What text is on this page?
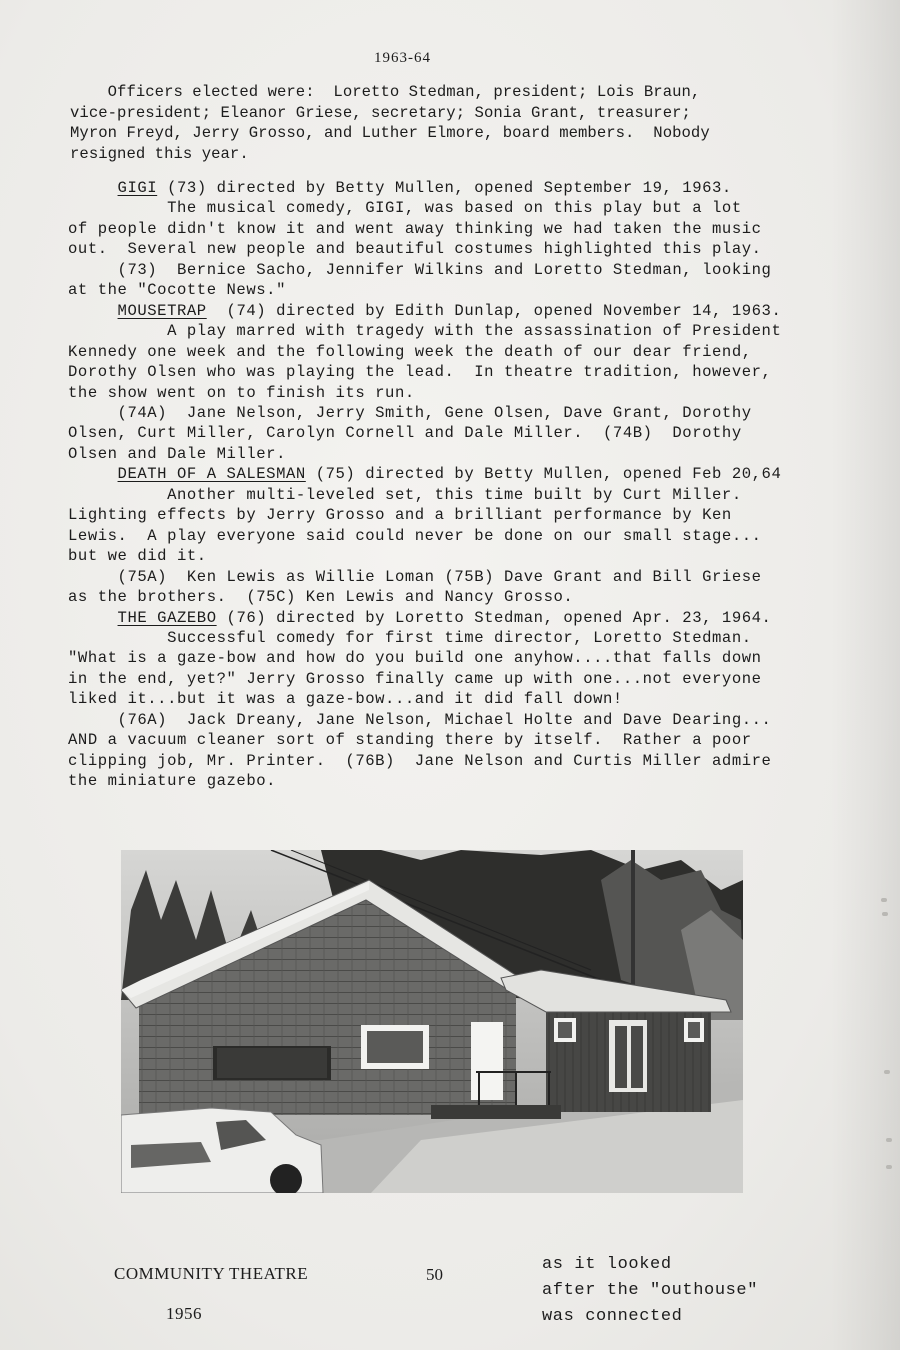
1963-64
Officers elected were:  Loretto Stedman, president; Lois Braun,
vice-president; Eleanor Griese, secretary; Sonia Grant, treasurer;
Myron Freyd, Jerry Grosso, and Luther Elmore, board members.  Nobody
resigned this year.
GIGI (73) directed by Betty Mullen, opened September 19, 1963.
The musical comedy, GIGI, was based on this play but a lot
of people didn't know it and went away thinking we had taken the music
out.  Several new people and beautiful costumes highlighted this play.
(73)  Bernice Sacho, Jennifer Wilkins and Loretto Stedman, looking
at the "Cocotte News."
MOUSETRAP  (74) directed by Edith Dunlap, opened November 14, 1963.
A play marred with tragedy with the assassination of President
Kennedy one week and the following week the death of our dear friend,
Dorothy Olsen who was playing the lead.  In theatre tradition, however,
the show went on to finish its run.
(74A)  Jane Nelson, Jerry Smith, Gene Olsen, Dave Grant, Dorothy
Olsen, Curt Miller, Carolyn Cornell and Dale Miller.  (74B)  Dorothy
Olsen and Dale Miller.
DEATH OF A SALESMAN (75) directed by Betty Mullen, opened Feb 20,64
Another multi-leveled set, this time built by Curt Miller.
Lighting effects by Jerry Grosso and a brilliant performance by Ken
Lewis.  A play everyone said could never be done on our small stage...
but we did it.
(75A)  Ken Lewis as Willie Loman (75B) Dave Grant and Bill Griese
as the brothers.  (75C) Ken Lewis and Nancy Grosso.
THE GAZEBO (76) directed by Loretto Stedman, opened Apr. 23, 1964.
Successful comedy for first time director, Loretto Stedman.
"What is a gaze-bow and how do you build one anyhow....that falls down
in the end, yet?" Jerry Grosso finally came up with one...not everyone
liked it...but it was a gaze-bow...and it did fall down!
(76A)  Jack Dreany, Jane Nelson, Michael Holte and Dave Dearing...
AND a vacuum cleaner sort of standing there by itself.  Rather a poor
clipping job, Mr. Printer.  (76B)  Jane Nelson and Curtis Miller admire
the miniature gazebo.
COMMUNITY THEATRE
1956
50
as it looked
after the "outhouse"
was connected
